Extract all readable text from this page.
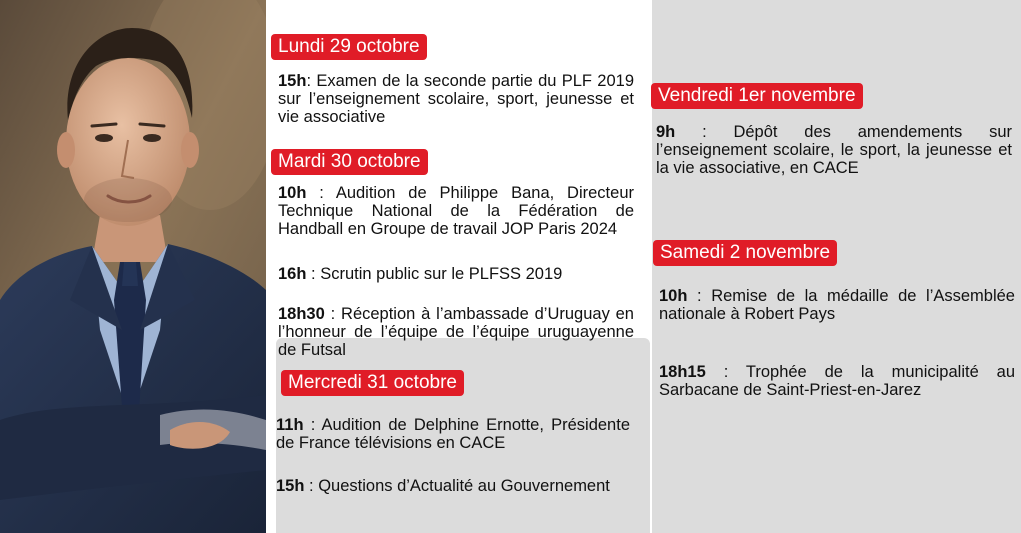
Lundi 29 octobre

15h: Examen de la seconde partie du PLF 2019 sur l’enseignement scolaire, sport, jeunesse et vie associative

Mardi 30 octobre

10h : Audition de Philippe Bana, Directeur Technique National de la Fédération de Handball en Groupe de travail JOP Paris 2024

16h : Scrutin public sur le PLFSS 2019

18h30 : Réception à l’ambassade d’Uruguay en l’honneur de l’équipe de l’équipe uruguayenne de Futsal

Mercredi 31 octobre

11h : Audition de Delphine Ernotte, Présidente de France télévisions en CACE

15h : Questions d’Actualité au Gouvernement

Vendredi 1er novembre

9h : Dépôt des amendements sur l’enseignement scolaire, le sport, la jeunesse et la vie associative, en CACE

Samedi 2 novembre

10h : Remise de la médaille de l’Assemblée nationale à Robert Pays

18h15 : Trophée de la municipalité au Sarbacane de Saint-Priest-en-Jarez
